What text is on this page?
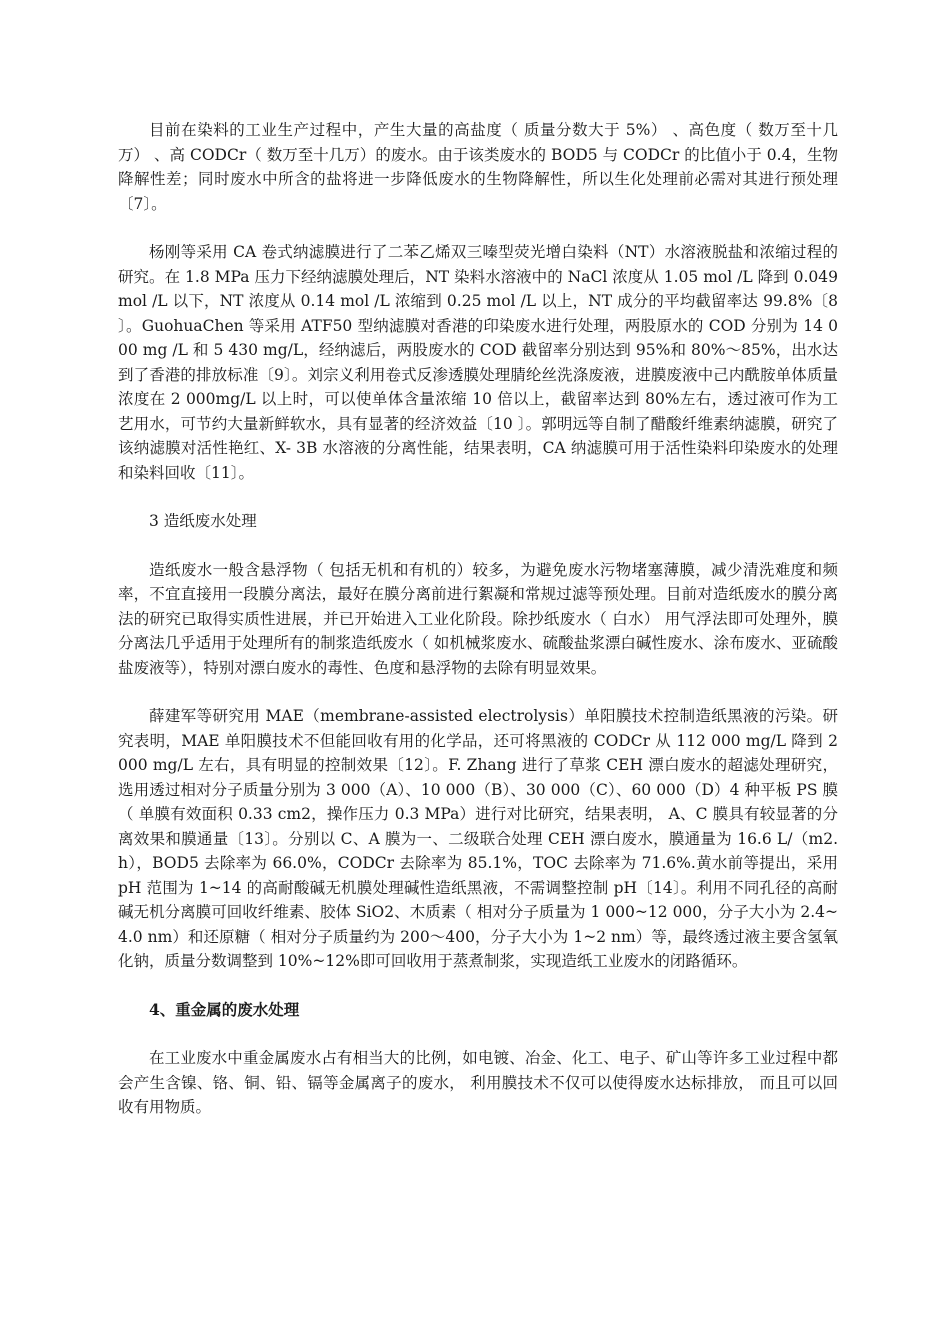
目前在染料的工业生产过程中，产生大量的高盐度（ 质量分数大于 5%） 、高色度（ 数万至十几万） 、高 CODCr（ 数万至十几万）的废水。由于该类废水的 BOD5 与 CODCr 的比值小于 0.4，生物降解性差；同时废水中所含的盐将进一步降低废水的生物降解性，所以生化处理前必需对其进行预处理〔7〕。

杨刚等采用 CA 卷式纳滤膜进行了二苯乙烯双三嗪型荧光增白染料（NT）水溶液脱盐和浓缩过程的研究。在 1.8 MPa 压力下经纳滤膜处理后，NT 染料水溶液中的 NaCl 浓度从 1.05 mol /L 降到 0.049mol /L 以下，NT 浓度从 0.14 mol /L 浓缩到 0.25 mol /L 以上，NT 成分的平均截留率达 99.8%〔8 〕。GuohuaChen 等采用 ATF50 型纳滤膜对香港的印染废水进行处理，两股原水的 COD 分别为 14 000 mg /L 和 5 430 mg/L，经纳滤后，两股废水的 COD 截留率分别达到 95%和 80%～85%，出水达到了香港的排放标准〔9〕。刘宗义利用卷式反渗透膜处理腈纶丝洗涤废液，进膜废液中己内酰胺单体质量浓度在 2 000mg/L 以上时，可以使单体含量浓缩 10 倍以上，截留率达到 80%左右，透过液可作为工艺用水，可节约大量新鲜软水，具有显著的经济效益〔10 〕。郭明远等自制了醋酸纤维素纳滤膜，研究了该纳滤膜对活性艳红、X- 3B 水溶液的分离性能，结果表明，CA 纳滤膜可用于活性染料印染废水的处理和染料回收〔11〕。

3 造纸废水处理

造纸废水一般含悬浮物（ 包括无机和有机的）较多，为避免废水污物堵塞薄膜，减少清洗难度和频率，不宜直接用一段膜分离法，最好在膜分离前进行絮凝和常规过滤等预处理。目前对造纸废水的膜分离法的研究已取得实质性进展，并已开始进入工业化阶段。除抄纸废水（ 白水） 用气浮法即可处理外，膜分离法几乎适用于处理所有的制浆造纸废水（ 如机械浆废水、硫酸盐浆漂白碱性废水、涂布废水、亚硫酸盐废液等），特别对漂白废水的毒性、色度和悬浮物的去除有明显效果。

薛建军等研究用 MAE（membrane-assisted electrolysis）单阳膜技术控制造纸黑液的污染。研究表明，MAE 单阳膜技术不但能回收有用的化学品，还可将黑液的 CODCr 从 112 000 mg/L 降到 2 000 mg/L 左右，具有明显的控制效果〔12〕。F. Zhang 进行了草浆 CEH 漂白废水的超滤处理研究，选用透过相对分子质量分别为 3 000（A）、10 000（B）、30 000（C）、60 000（D）4 种平板 PS 膜（ 单膜有效面积 0.33 cm2，操作压力 0.3 MPa）进行对比研究，结果表明， A、C 膜具有较显著的分离效果和膜通量〔13〕。分别以 C、A 膜为一、二级联合处理 CEH 漂白废水，膜通量为 16.6 L/（m2.h），BOD5 去除率为 66.0%，CODCr 去除率为 85.1%，TOC 去除率为 71.6%.黄水前等提出，采用 pH 范围为 1~14 的高耐酸碱无机膜处理碱性造纸黑液，不需调整控制 pH〔14〕。利用不同孔径的高耐碱无机分离膜可回收纤维素、胶体 SiO2、木质素（ 相对分子质量为 1 000~12 000，分子大小为 2.4~ 4.0 nm）和还原糖（ 相对分子质量约为 200～400，分子大小为 1~2 nm）等，最终透过液主要含氢氧化钠，质量分数调整到 10%~12%即可回收用于蒸煮制浆，实现造纸工业废水的闭路循环。

4、重金属的废水处理

在工业废水中重金属废水占有相当大的比例，如电镀、冶金、化工、电子、矿山等许多工业过程中都会产生含镍、铬、铜、铅、镉等金属离子的废水， 利用膜技术不仅可以使得废水达标排放， 而且可以回收有用物质。
